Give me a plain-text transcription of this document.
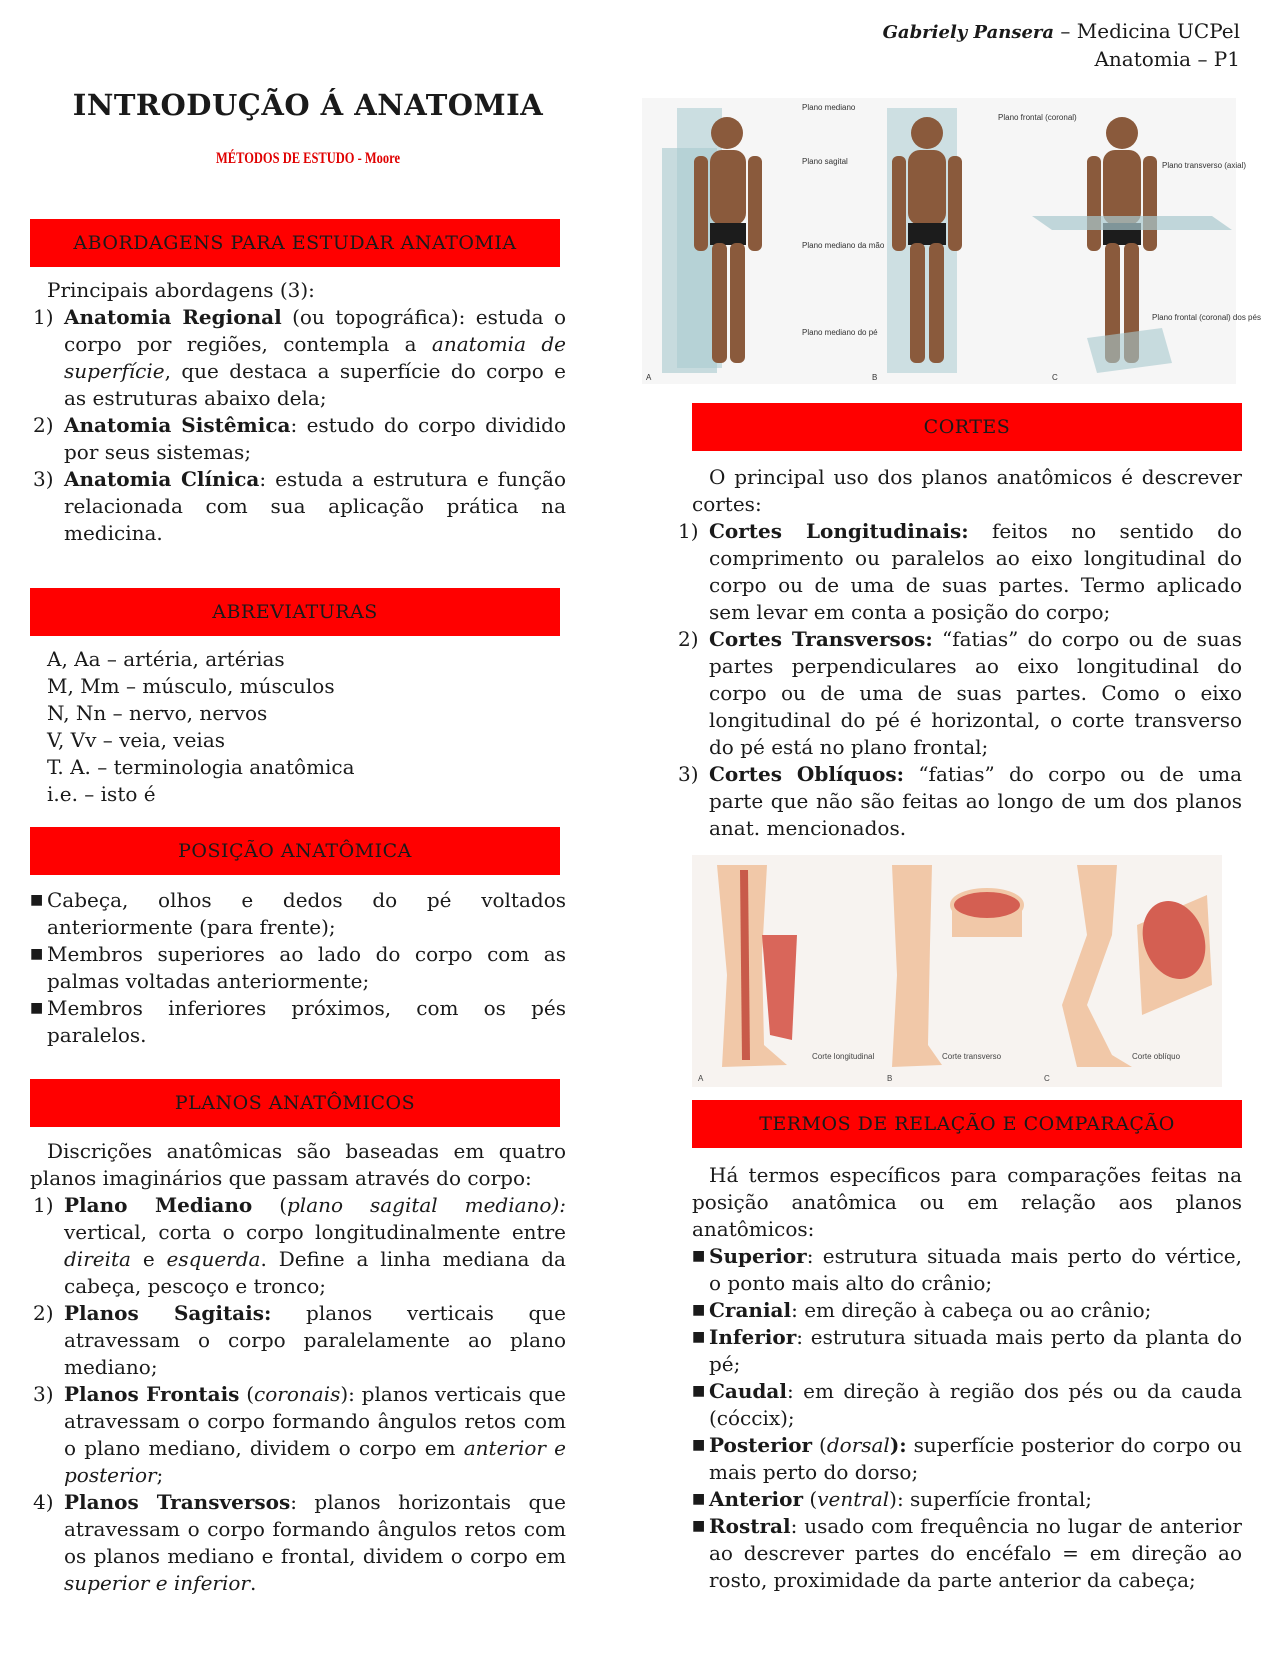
Gabriely Pansera – Medicina UCPel
Anatomia – P1
INTRODUÇÃO Á ANATOMIA
MÉTODOS DE ESTUDO - Moore
ABORDAGENS PARA ESTUDAR ANATOMIA

Principais abordagens (3):

1) Anatomia Regional (ou topográfica): estuda o corpo por regiões, contempla a anatomia de superfície, que destaca a superfície do corpo e as estruturas abaixo dela;
2) Anatomia Sistêmica: estudo do corpo dividido por seus sistemas;
3) Anatomia Clínica: estuda a estrutura e função relacionada com sua aplicação prática na medicina.
ABREVIATURAS

A, Aa – artéria, artérias

M, Mm – músculo, músculos

N, Nn – nervo, nervos

V, Vv – veia, veias

T. A. – terminologia anatômica

i.e. – isto é

POSIÇÃO ANATÔMICA
■ Cabeça, olhos e dedos do pé voltados anteriormente (para frente);
■ Membros superiores ao lado do corpo com as palmas voltadas anteriormente;
■ Membros inferiores próximos, com os pés paralelos.
PLANOS ANATÔMICOS

Discrições anatômicas são baseadas em quatro planos imaginários que passam através do corpo:

1) Plano Mediano (plano sagital mediano): vertical, corta o corpo longitudinalmente entre direita e esquerda. Define a linha mediana da cabeça, pescoço e tronco;
2) Planos Sagitais: planos verticais que atravessam o corpo paralelamente ao plano mediano;
3) Planos Frontais (coronais): planos verticais que atravessam o corpo formando ângulos retos com o plano mediano, dividem o corpo em anterior e posterior;
4) Planos Transversos: planos horizontais que atravessam o corpo formando ângulos retos com os planos mediano e frontal, dividem o corpo em superior e inferior.
Plano mediano
Plano sagital
Plano mediano da mão
Plano mediano do pé
Plano frontal (coronal)
Plano transverso (axial)
Plano frontal (coronal) dos pés
A	B	C
CORTES

O principal uso dos planos anatômicos é descrever cortes:

1) Cortes Longitudinais: feitos no sentido do comprimento ou paralelos ao eixo longitudinal do corpo ou de uma de suas partes. Termo aplicado sem levar em conta a posição do corpo;
2) Cortes Transversos: “fatias” do corpo ou de suas partes perpendiculares ao eixo longitudinal do corpo ou de uma de suas partes. Como o eixo longitudinal do pé é horizontal, o corte transverso do pé está no plano frontal;
3) Cortes Oblíquos: “fatias” do corpo ou de uma parte que não são feitas ao longo de um dos planos anat. mencionados.
Corte longitudinal	Corte transverso	Corte oblíquo
A	B	C
TERMOS DE RELAÇÃO E COMPARAÇÃO

Há termos específicos para comparações feitas na posição anatômica ou em relação aos planos anatômicos:

■ Superior: estrutura situada mais perto do vértice, o ponto mais alto do crânio;
■ Cranial: em direção à cabeça ou ao crânio;
■ Inferior: estrutura situada mais perto da planta do pé;
■ Caudal: em direção à região dos pés ou da cauda (cóccix);
■ Posterior (dorsal): superfície posterior do corpo ou mais perto do dorso;
■ Anterior (ventral): superfície frontal;
■ Rostral: usado com frequência no lugar de anterior ao descrever partes do encéfalo = em direção ao rosto, proximidade da parte anterior da cabeça;
